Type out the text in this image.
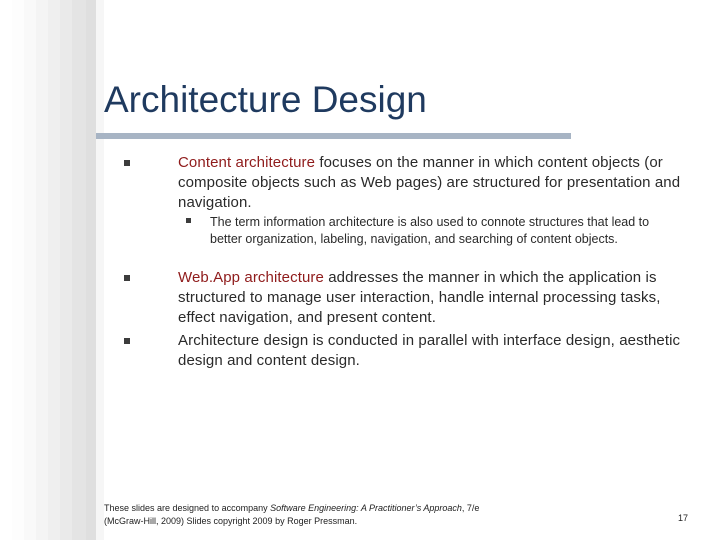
Architecture Design
Content architecture focuses on the manner in which content objects (or composite objects such as Web pages) are structured for presentation and navigation.
The term information architecture is also used to connote structures that lead to better organization, labeling, navigation, and searching of content objects.
Web.App architecture addresses the manner in which the application is structured to manage user interaction, handle internal processing tasks, effect navigation, and present content.
Architecture design is conducted in parallel with interface design, aesthetic design and content design.
These slides are designed to accompany Software Engineering: A Practitioner’s Approach, 7/e
(McGraw-Hill, 2009) Slides copyright 2009 by Roger Pressman.	17
